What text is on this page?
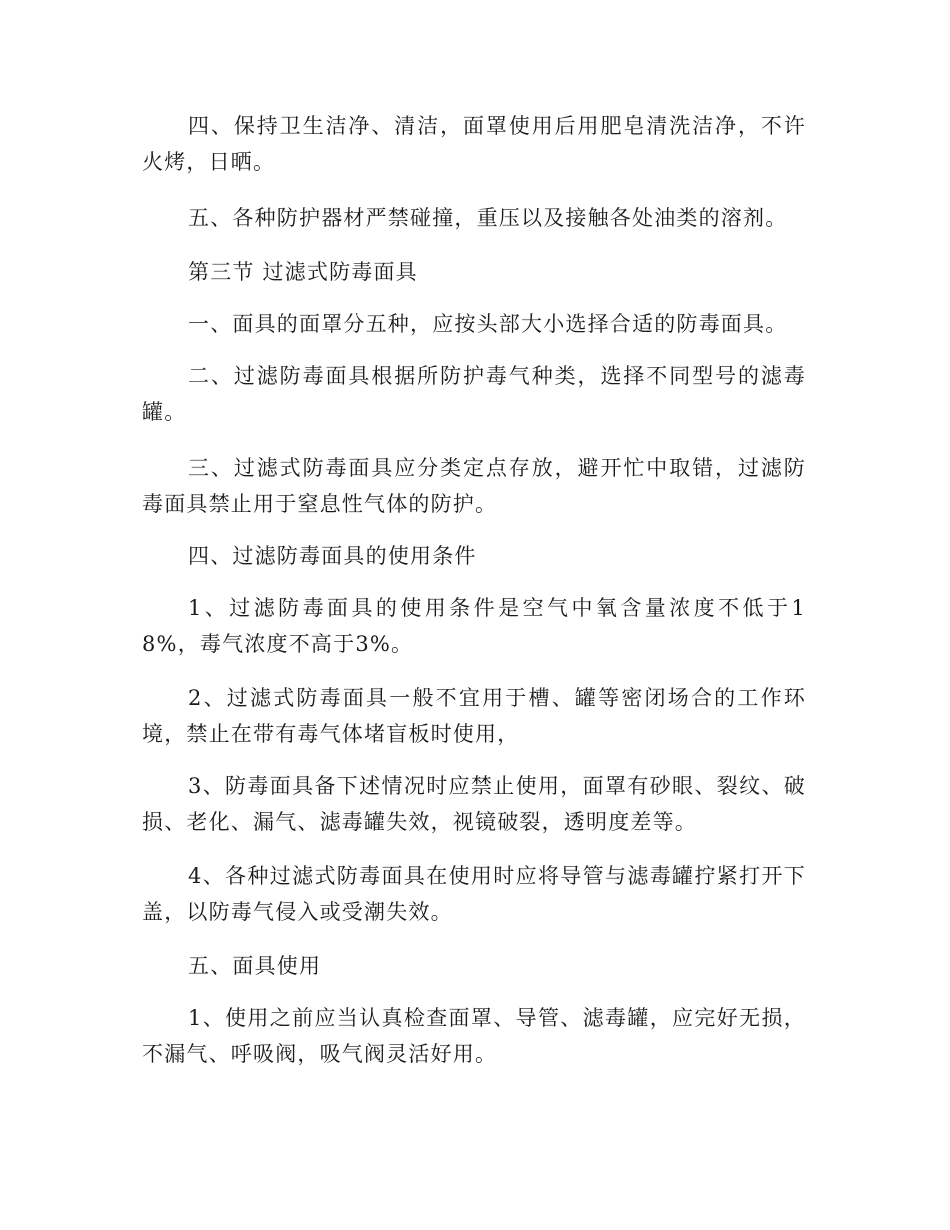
四、保持卫生洁净、清洁，面罩使用后用肥皂清洗洁净，不许火烤，日晒。

五、各种防护器材严禁碰撞，重压以及接触各处油类的溶剂。

第三节 过滤式防毒面具

一、面具的面罩分五种，应按头部大小选择合适的防毒面具。

二、过滤防毒面具根据所防护毒气种类，选择不同型号的滤毒罐。

三、过滤式防毒面具应分类定点存放，避开忙中取错，过滤防毒面具禁止用于窒息性气体的防护。

四、过滤防毒面具的使用条件

1、过滤防毒面具的使用条件是空气中氧含量浓度不低于18%，毒气浓度不高于3%。

2、过滤式防毒面具一般不宜用于槽、罐等密闭场合的工作环境，禁止在带有毒气体堵盲板时使用，

3、防毒面具备下述情况时应禁止使用，面罩有砂眼、裂纹、破损、老化、漏气、滤毒罐失效，视镜破裂，透明度差等。

4、各种过滤式防毒面具在使用时应将导管与滤毒罐拧紧打开下盖，以防毒气侵入或受潮失效。

五、面具使用

1、使用之前应当认真检查面罩、导管、滤毒罐，应完好无损，不漏气、呼吸阀，吸气阀灵活好用。
